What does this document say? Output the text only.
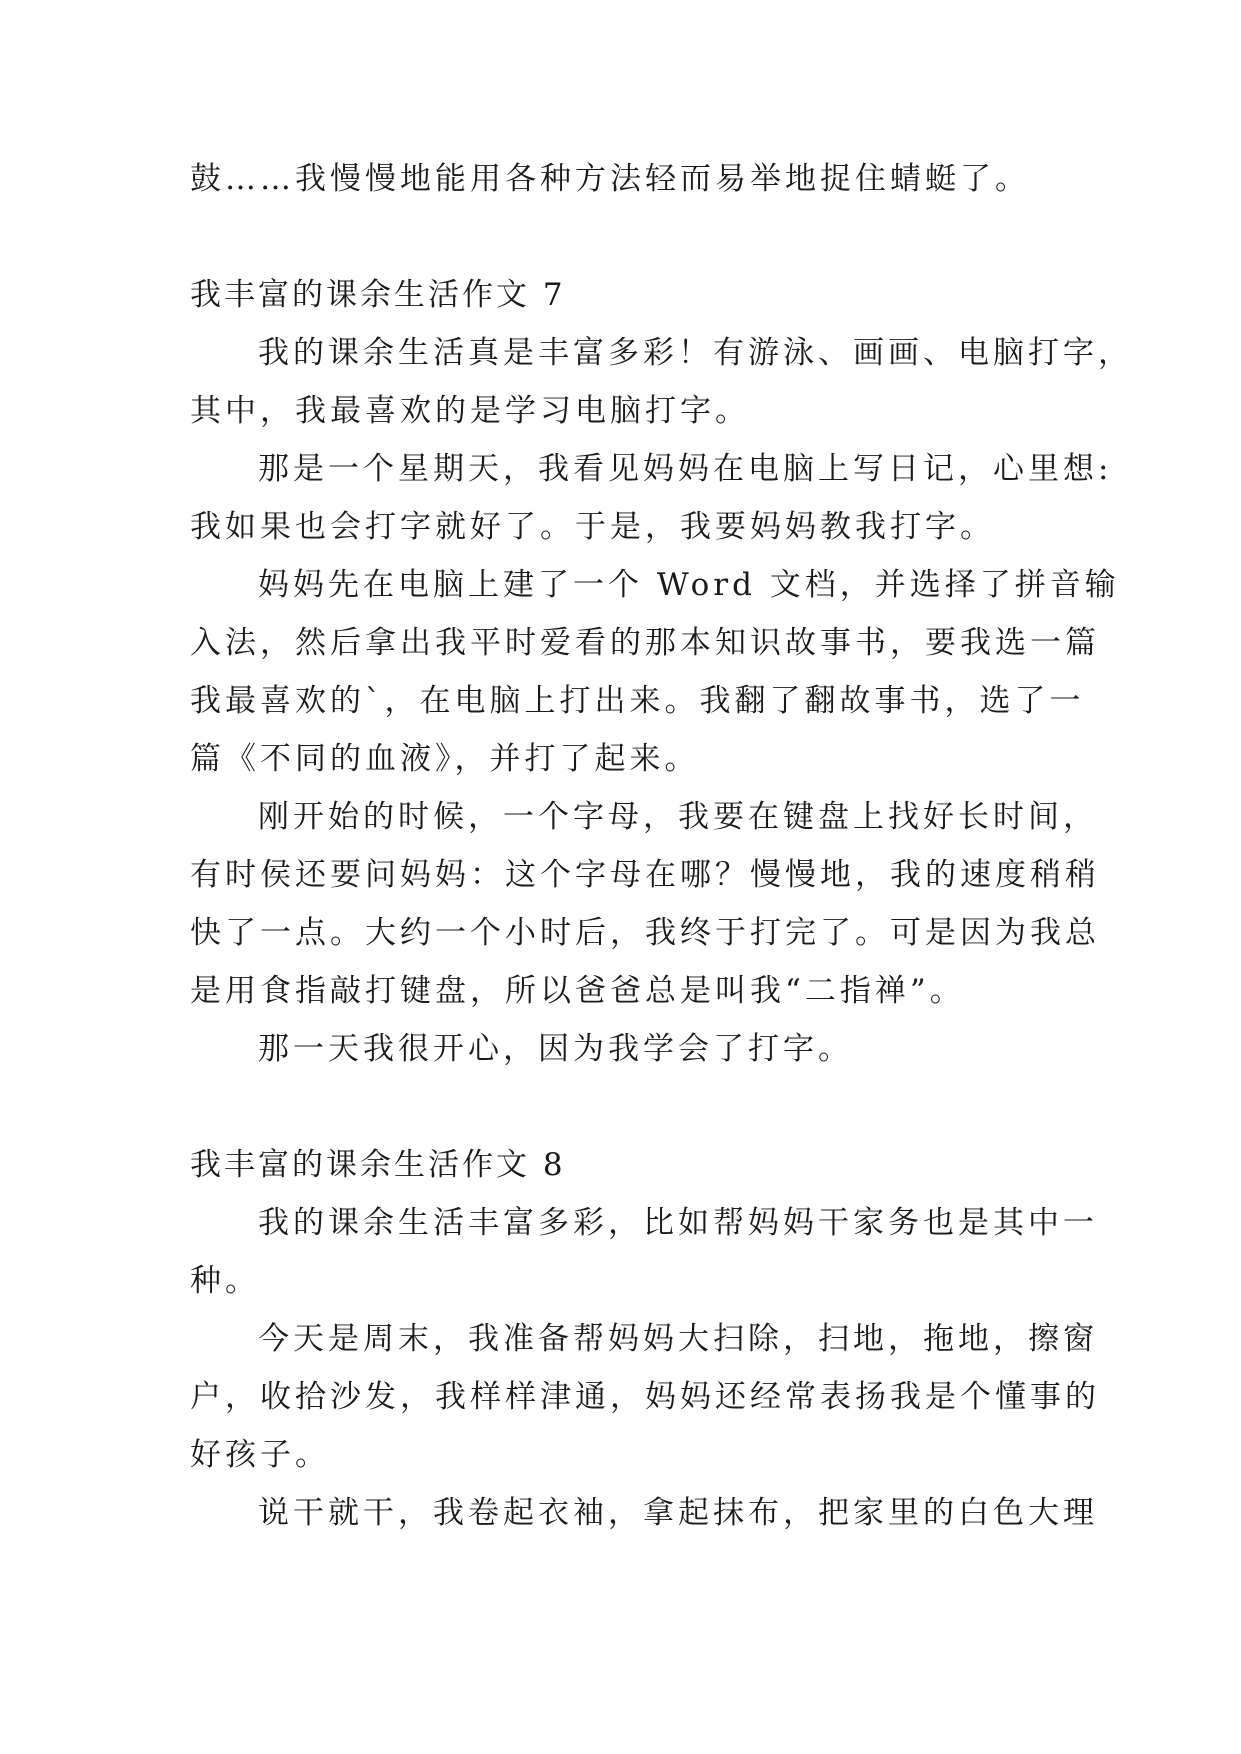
鼓……我慢慢地能用各种方法轻而易举地捉住蜻蜓了。
我丰富的课余生活作文 7
我的课余生活真是丰富多彩！有游泳、画画、电脑打字，
其中，我最喜欢的是学习电脑打字。
那是一个星期天，我看见妈妈在电脑上写日记，心里想:
我如果也会打字就好了。于是，我要妈妈教我打字。
妈妈先在电脑上建了一个 Word 文档，并选择了拼音输
入法，然后拿出我平时爱看的那本知识故事书，要我选一篇
我最喜欢的`，在电脑上打出来。我翻了翻故事书，选了一
篇《不同的血液》，并打了起来。
刚开始的时候，一个字母，我要在键盘上找好长时间，
有时侯还要问妈妈：这个字母在哪？慢慢地，我的速度稍稍
快了一点。大约一个小时后，我终于打完了。可是因为我总
是用食指敲打键盘，所以爸爸总是叫我“二指禅”。
那一天我很开心，因为我学会了打字。
我丰富的课余生活作文 8
我的课余生活丰富多彩，比如帮妈妈干家务也是其中一
种。
今天是周末，我准备帮妈妈大扫除，扫地，拖地，擦窗
户，收拾沙发，我样样津通，妈妈还经常表扬我是个懂事的
好孩子。
说干就干，我卷起衣袖，拿起抹布，把家里的白色大理
